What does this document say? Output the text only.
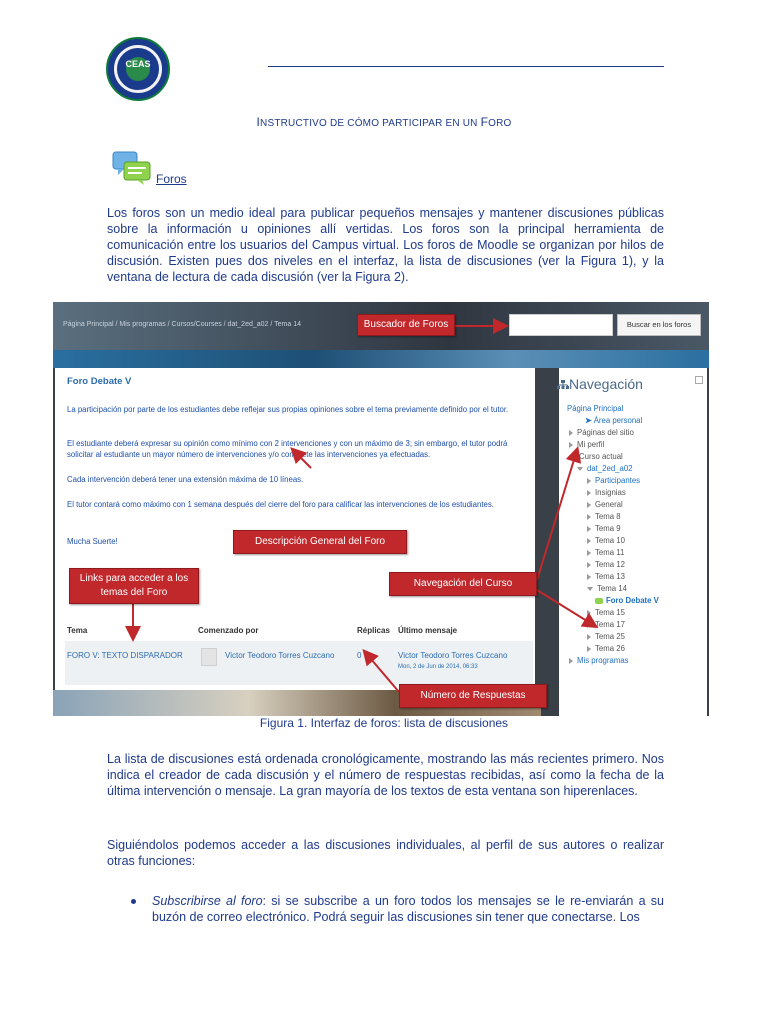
CEAS
INSTRUCTIVO DE CÓMO PARTICIPAR EN UN FORO
Foros
Los foros son un medio ideal para publicar pequeños mensajes y mantener discusiones públicas sobre la información u opiniones allí vertidas. Los foros son la principal herramienta de comunicación entre los usuarios del Campus virtual. Los foros de Moodle se organizan por hilos de discusión. Existen pues dos niveles en el interfaz, la lista de discusiones (ver la Figura 1), y la ventana de lectura de cada discusión (ver la Figura 2).
Página Principal / Mis programas / Cursos/Courses / dat_2ed_a02 / Tema 14	Buscar en los foros
Foro Debate V
La participación por parte de los estudiantes debe reflejar sus propias opiniones sobre el tema previamente definido por el tutor.
El estudiante deberá expresar su opinión como mínimo con 2 intervenciones y con un máximo de 3; sin embargo, el tutor podrá solicitar al estudiante un mayor número de intervenciones y/o complete las intervenciones ya efectuadas.
Cada intervención deberá tener una extensión máxima de 10 líneas.
El tutor contará como máximo con 1 semana después del cierre del foro para calificar las intervenciones de los estudiantes.
Mucha Suerte!
Tema	Comenzado por	Réplicas Último mensaje
FORO V: TEXTO DISPARADOR	Victor Teodoro Torres Cuzcano	0	Victor Teodoro Torres Cuzcano
Mon, 2 de Jun de 2014, 06:33
Navegación
Página Principal
➤ Área personal
Páginas del sitio
Mi perfil
Curso actual
dat_2ed_a02
Participantes
Insignias
General
Tema 8
Tema 9
Tema 10
Tema 11
Tema 12
Tema 13
Tema 14
Foro Debate V
Tema 15
Tema 17
Tema 25
Tema 26
Mis programas
Buscador de Foros
Descripción General del Foro
Links para acceder a los temas del Foro
Navegación del Curso
Número de Respuestas
Figura 1. Interfaz de foros: lista de discusiones
La lista de discusiones está ordenada cronológicamente, mostrando las más recientes primero. Nos indica el creador de cada discusión y el número de respuestas recibidas, así como la fecha de la última intervención o mensaje. La gran mayoría de los textos de esta ventana son hiperenlaces.
Siguiéndolos podemos acceder a las discusiones individuales, al perfil de sus autores o realizar otras funciones:
Subscribirse al foro: si se subscribe a un foro todos los mensajes se le re-enviarán a su buzón de correo electrónico. Podrá seguir las discusiones sin tener que conectarse. Los
